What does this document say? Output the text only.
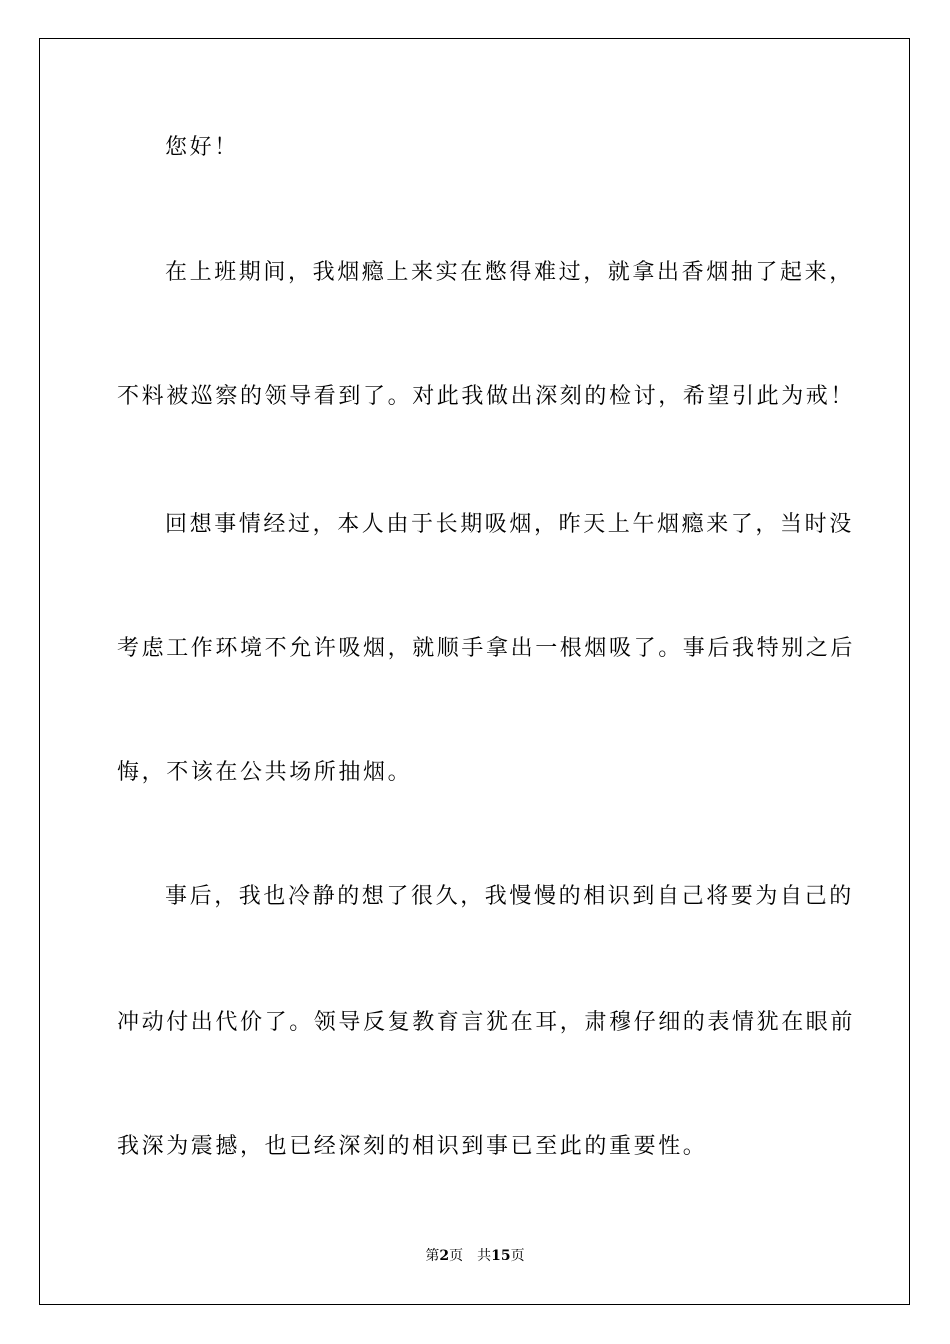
您好！
在上班期间，我烟瘾上来实在憋得难过，就拿出香烟抽了起来，
不料被巡察的领导看到了。对此我做出深刻的检讨，希望引此为戒！
回想事情经过，本人由于长期吸烟，昨天上午烟瘾来了，当时没
考虑工作环境不允许吸烟，就顺手拿出一根烟吸了。事后我特别之后
悔，不该在公共场所抽烟。
事后，我也冷静的想了很久，我慢慢的相识到自己将要为自己的
冲动付出代价了。领导反复教育言犹在耳，肃穆仔细的表情犹在眼前
我深为震撼，也已经深刻的相识到事已至此的重要性。
第2页 共15页
